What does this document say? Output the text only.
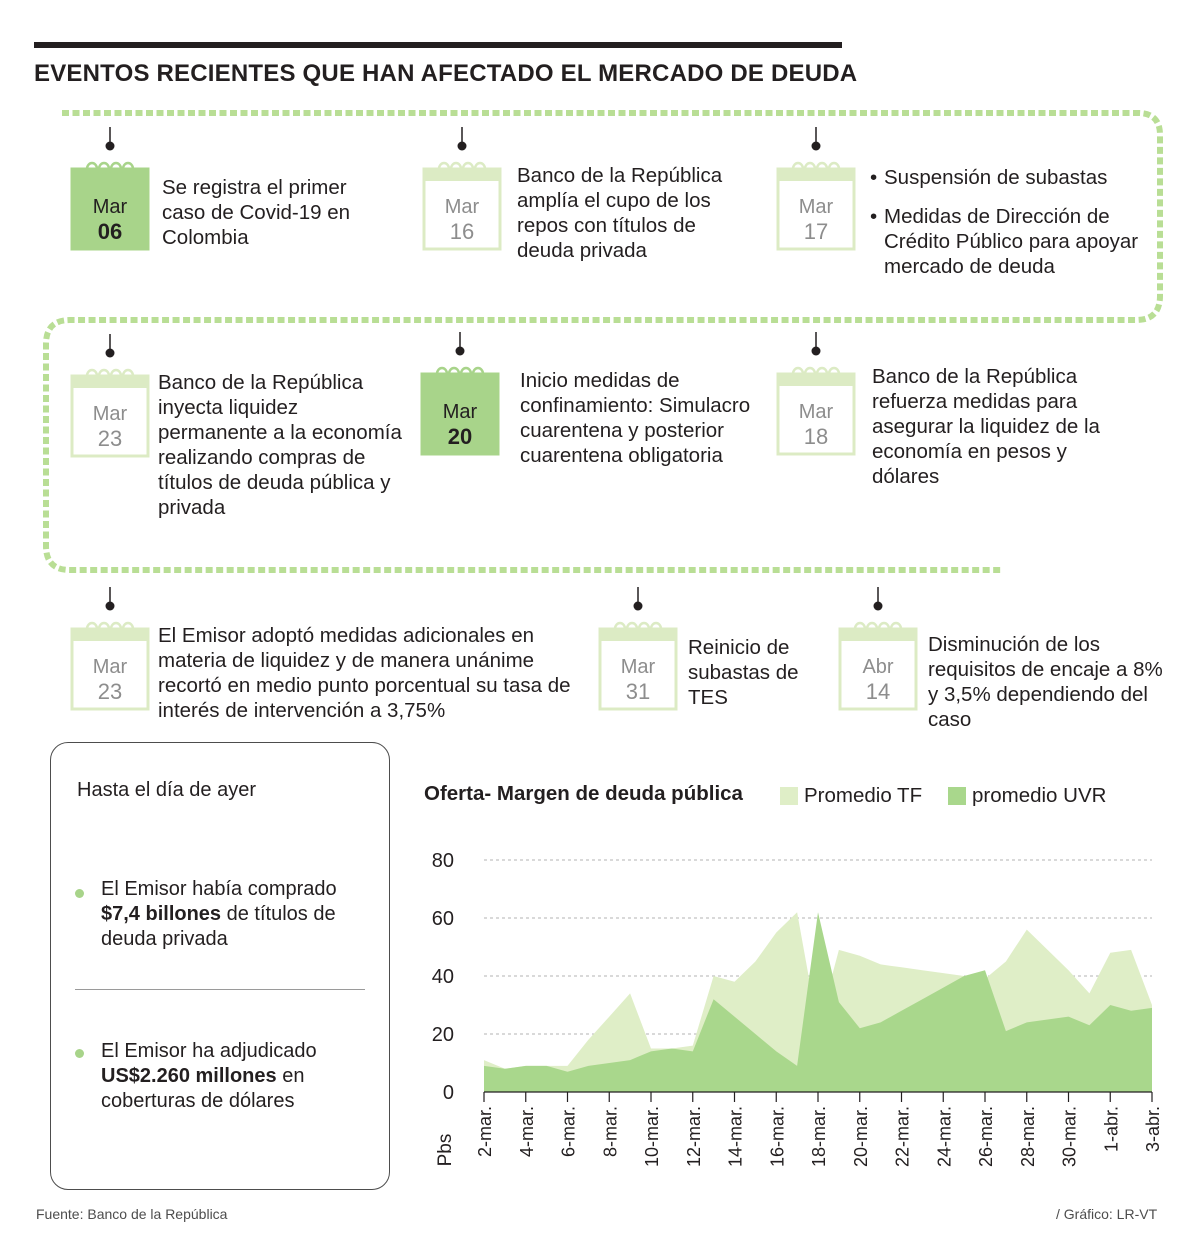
EVENTOS RECIENTES QUE HAN AFECTADO EL MERCADO DE DEUDA
Mar
06
Se registra el primer caso de Covid-19 en Colombia
Mar
16
Banco de la República amplía el cupo de los repos con títulos de deuda privada
Mar
17
• Suspensión de subastas
• Medidas de Dirección de Crédito Público para apoyar mercado de deuda
Mar
23
Banco de la República inyecta liquidez permanente a la economía realizando compras de títulos de deuda pública y privada
Mar
20
Inicio medidas de confinamiento: Simulacro cuarentena y posterior cuarentena obligatoria
Mar
18
Banco de la República refuerza medidas para asegurar la liquidez de la economía en pesos y dólares
Mar
23
El Emisor adoptó medidas adicionales en materia de liquidez y de manera unánime recortó en medio punto porcentual su tasa de interés de intervención a 3,75%
Mar
31
Reinicio de subastas de TES
Abr
14
Disminución de los requisitos de encaje a 8% y 3,5% dependiendo del caso

Hasta el día de ayer

El Emisor había comprado $7,4 billones de títulos de deuda privada
El Emisor ha adjudicado US$2.260 millones en coberturas de dólares

Oferta- Margen de deuda pública	Promedio TF promedio UVR
0
20
40
60
80
2-mar. 4-mar. 6-mar. 8-mar. 10-mar. 12-mar. 14-mar. 16-mar. 18-mar. 20-mar. 22-mar. 24-mar. 26-mar. 28-mar. 30-mar. 1-abr. 3-abr.
Pbs
Fuente: Banco de la República	/ Gráfico: LR-VT
